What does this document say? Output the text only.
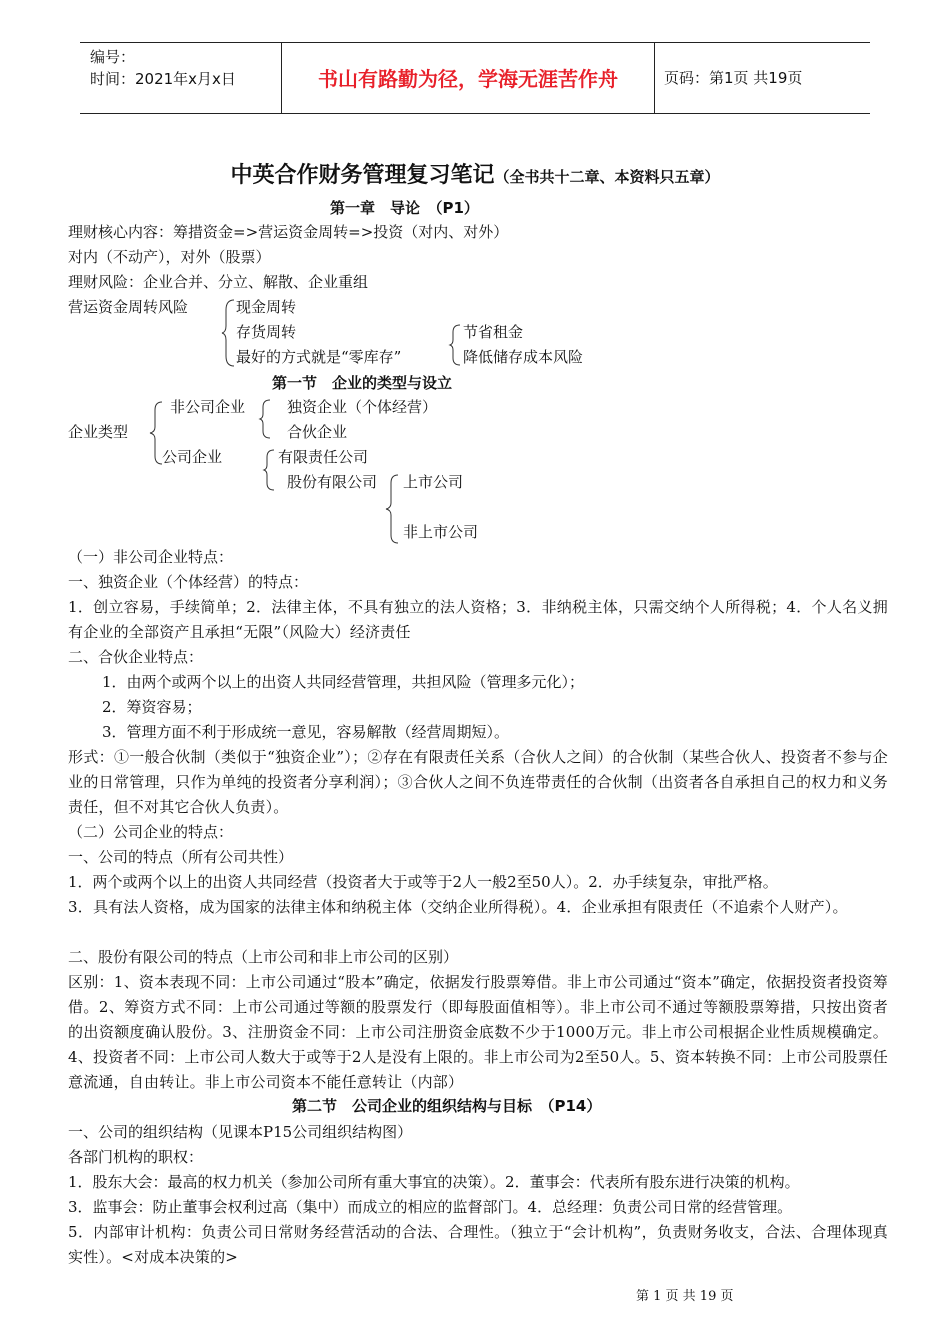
编号：
时间：2021年x月x日	书山有路勤为径，学海无涯苦作舟	页码：第1页 共19页
中英合作财务管理复习笔记（全书共十二章、本资料只五章）
第一章　导论　（P1）
理财核心内容：筹措资金=>营运资金周转=>投资（对内、对外）
对内（不动产），对外（股票）
理财风险：企业合并、分立、解散、企业重组
营运资金周转风险	现金周转
存货周转
最好的方式就是“零库存”
节省租金
降低储存成本风险
第一节　企业的类型与设立
企业类型
非公司企业	独资企业（个体经营）
合伙企业
公司企业	有限责任公司
股份有限公司 上市公司
非上市公司
（一）非公司企业特点：
一、独资企业（个体经营）的特点：
1．创立容易，手续简单；2．法律主体，不具有独立的法人资格；3．非纳税主体，只需交纳个人所得税；4．个人名义拥有企业的全部资产且承担“无限”（风险大）经济责任
二、合伙企业特点：
1．由两个或两个以上的出资人共同经营管理，共担风险（管理多元化）；
2．筹资容易；
3．管理方面不利于形成统一意见，容易解散（经营周期短）。
形式：①一般合伙制（类似于“独资企业”）；②存在有限责任关系（合伙人之间）的合伙制（某些合伙人、投资者不参与企业的日常管理，只作为单纯的投资者分享利润）；③合伙人之间不负连带责任的合伙制（出资者各自承担自己的权力和义务责任，但不对其它合伙人负责）。
（二）公司企业的特点：
一、公司的特点（所有公司共性）
1．两个或两个以上的出资人共同经营（投资者大于或等于2人一般2至50人）。2．办手续复杂，审批严格。
3．具有法人资格，成为国家的法律主体和纳税主体（交纳企业所得税）。4．企业承担有限责任（不追索个人财产）。
二、股份有限公司的特点（上市公司和非上市公司的区别）
区别：1、资本表现不同：上市公司通过“股本”确定，依据发行股票筹借。非上市公司通过“资本”确定，依据投资者投资筹借。2、筹资方式不同：上市公司通过等额的股票发行（即每股面值相等）。非上市公司不通过等额股票筹措，只按出资者的出资额度确认股份。3、注册资金不同：上市公司注册资金底数不少于1000万元。非上市公司根据企业性质规模确定。4、投资者不同：上市公司人数大于或等于2人是没有上限的。非上市公司为2至50人。5、资本转换不同：上市公司股票任意流通，自由转让。非上市公司资本不能任意转让（内部）
第二节　公司企业的组织结构与目标　（P14）
一、公司的组织结构（见课本P15公司组织结构图）
各部门机构的职权：
1．股东大会：最高的权力机关（参加公司所有重大事宜的决策）。2．董事会：代表所有股东进行决策的机构。
3．监事会：防止董事会权利过高（集中）而成立的相应的监督部门。4．总经理：负责公司日常的经营管理。
5．内部审计机构：负责公司日常财务经营活动的合法、合理性。（独立于“会计机构”，负责财务收支，合法、合理体现真实性）。<对成本决策的>
第 1 页 共 19 页
